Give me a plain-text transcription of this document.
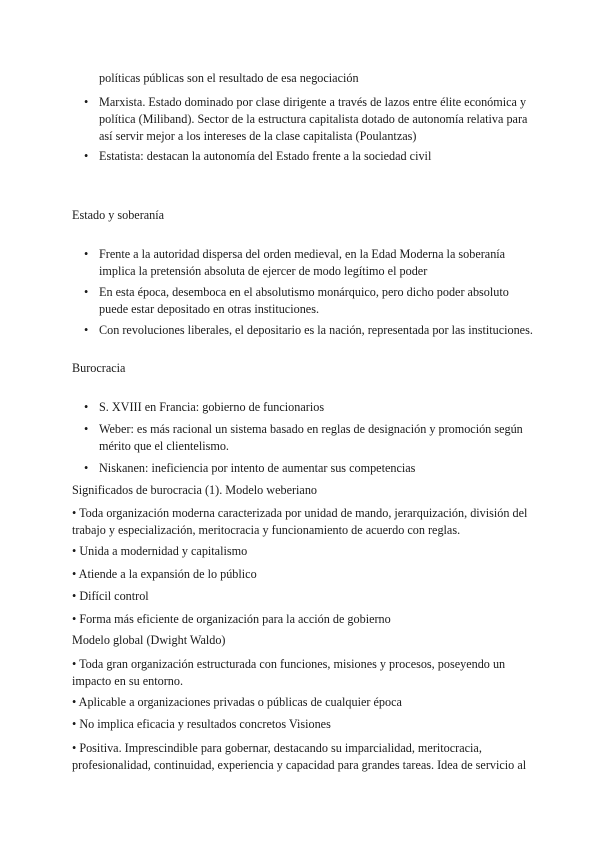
políticas públicas son el resultado de esa negociación
• Marxista. Estado dominado por clase dirigente a través de lazos entre élite económica y política (Miliband). Sector de la estructura capitalista dotado de autonomía relativa para así servir mejor a los intereses de la clase capitalista (Poulantzas)
• Estatista: destacan la autonomía del Estado frente a la sociedad civil
Estado y soberanía
• Frente a la autoridad dispersa del orden medieval, en la Edad Moderna la soberanía implica la pretensión absoluta de ejercer de modo legítimo el poder
• En esta época, desemboca en el absolutismo monárquico, pero dicho poder absoluto puede estar depositado en otras instituciones.
• Con revoluciones liberales, el depositario es la nación, representada por las instituciones.
Burocracia
• S. XVIII en Francia: gobierno de funcionarios
• Weber: es más racional un sistema basado en reglas de designación y promoción según mérito que el clientelismo.
• Niskanen: ineficiencia por intento de aumentar sus competencias
Significados de burocracia (1). Modelo weberiano
• Toda organización moderna caracterizada por unidad de mando, jerarquización, división del trabajo y especialización, meritocracia y funcionamiento de acuerdo con reglas.
• Unida a modernidad y capitalismo
• Atiende a la expansión de lo público
• Difícil control
• Forma más eficiente de organización para la acción de gobierno
Modelo global (Dwight Waldo)
• Toda gran organización estructurada con funciones, misiones y procesos, poseyendo un impacto en su entorno.
• Aplicable a organizaciones privadas o públicas de cualquier época
• No implica eficacia y resultados concretos Visiones
• Positiva. Imprescindible para gobernar, destacando su imparcialidad, meritocracia, profesionalidad, continuidad, experiencia y capacidad para grandes tareas. Idea de servicio al
